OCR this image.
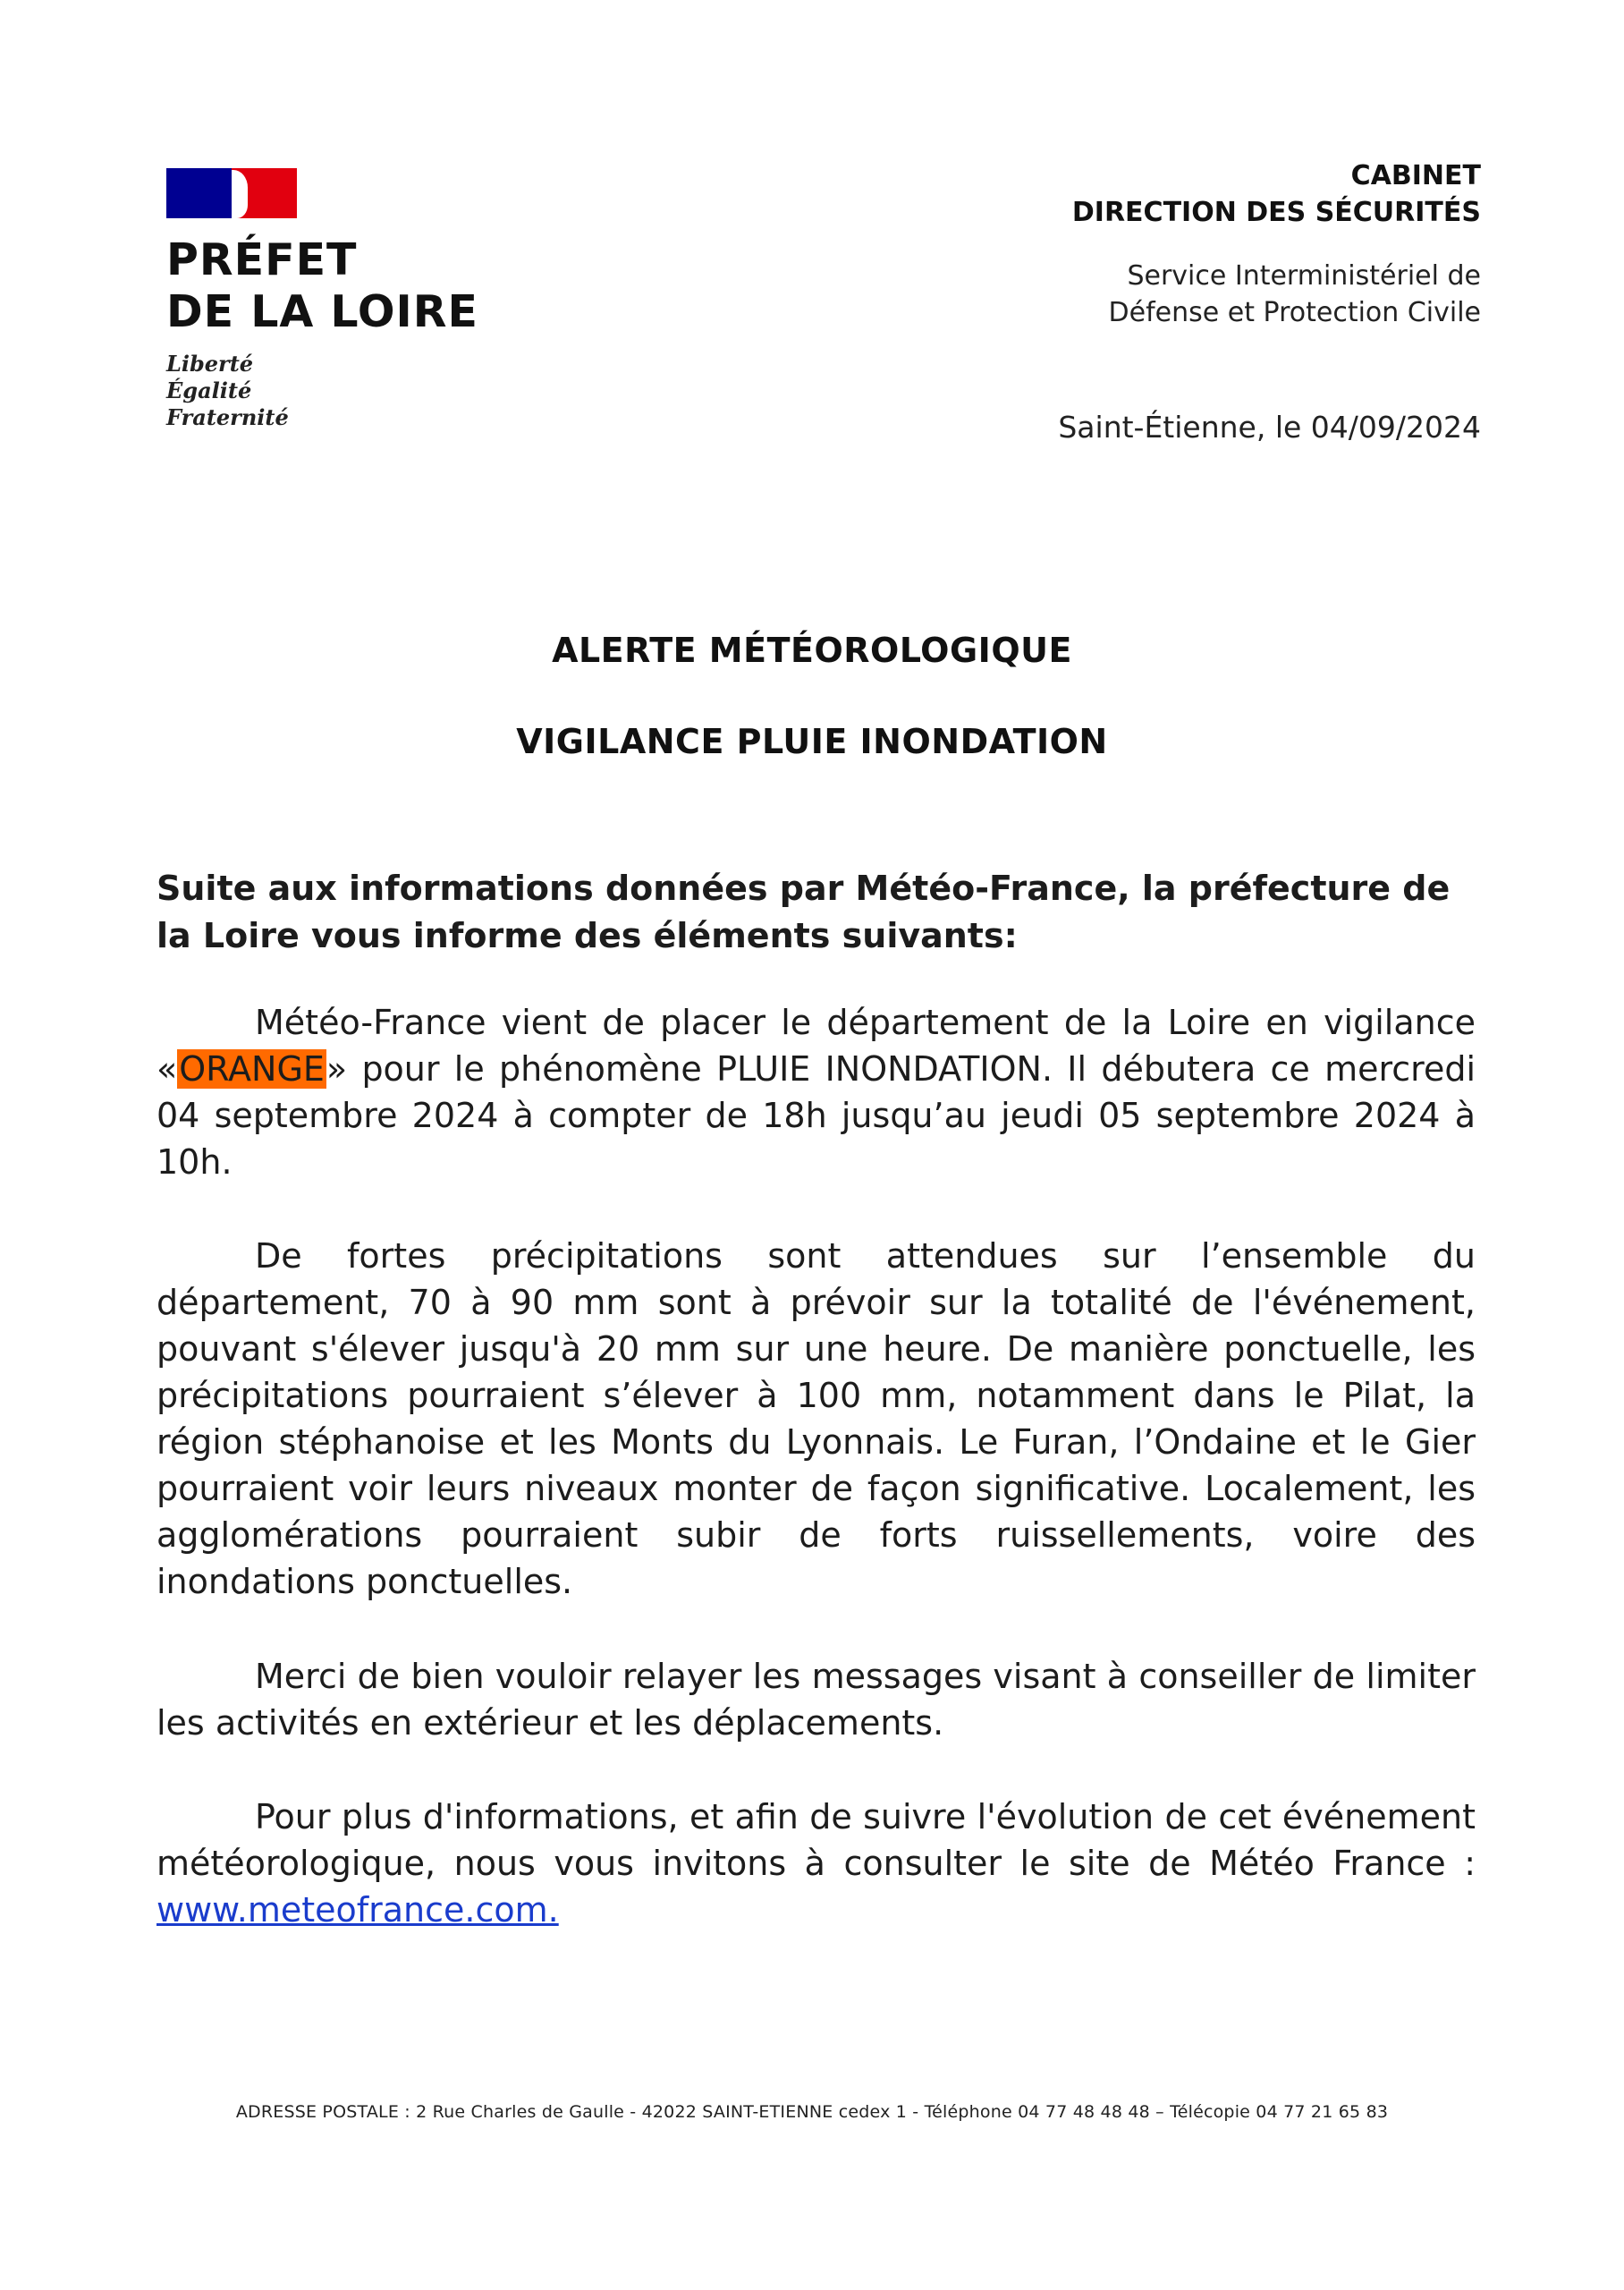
PRÉFET
DE LA LOIRE
Liberté
Égalité
Fraternité
CABINET
DIRECTION DES SÉCURITÉS
Service Interministériel de
Défense et Protection Civile
Saint-Étienne, le 04/09/2024
ALERTE MÉTÉOROLOGIQUE
VIGILANCE PLUIE INONDATION
Suite aux informations données par Météo-France, la préfecture de la Loire vous informe des éléments suivants:
Météo-France vient de placer le département de la Loire en vigilance «ORANGE» pour le phénomène PLUIE INONDATION. Il débutera ce mercredi 04 septembre 2024 à compter de 18h jusqu’au jeudi 05 septembre 2024 à 10h.
De fortes précipitations sont attendues sur l’ensemble du département, 70 à 90 mm sont à prévoir sur la totalité de l'événement, pouvant s'élever jusqu'à 20 mm sur une heure. De manière ponctuelle, les précipitations pourraient s’élever à 100 mm, notamment dans le Pilat, la région stéphanoise et les Monts du Lyonnais. Le Furan, l’Ondaine et le Gier pourraient voir leurs niveaux monter de façon significative. Localement, les agglomérations pourraient subir de forts ruissellements, voire des inondations ponctuelles.
Merci de bien vouloir relayer les messages visant à conseiller de limiter les activités en extérieur et les déplacements.
Pour plus d'informations, et afin de suivre l'évolution de cet événement météorologique, nous vous invitons à consulter le site de Météo France : www.meteofrance.com.
ADRESSE POSTALE : 2 Rue Charles de Gaulle - 42022 SAINT-ETIENNE cedex 1 - Téléphone 04 77 48 48 48 – Télécopie 04 77 21 65 83
